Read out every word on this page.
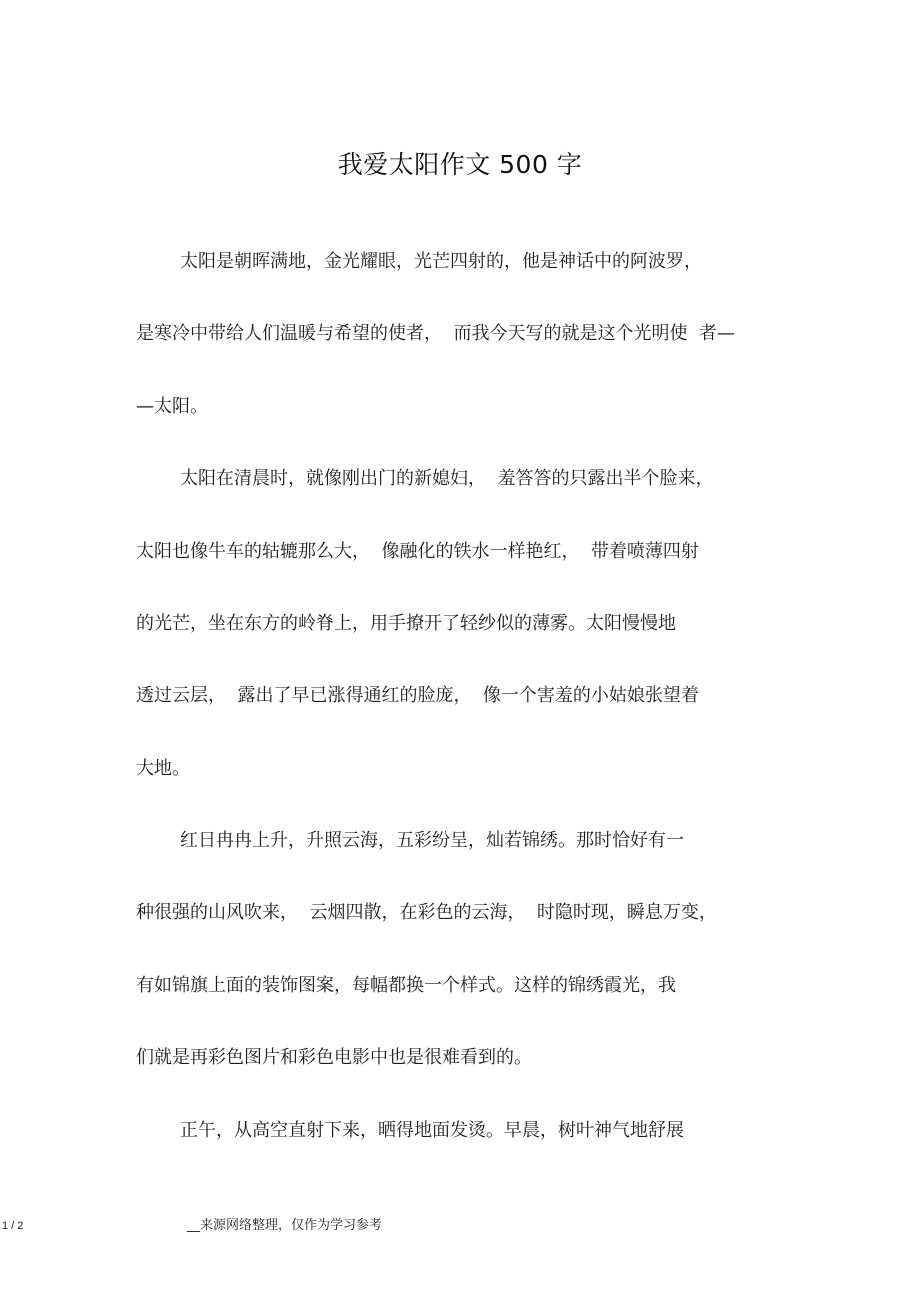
我爱太阳作文 500 字
太阳是朝晖满地，金光耀眼，光芒四射的，他是神话中的阿波罗，
是寒冷中带给人们温暖与希望的使者，  而我今天写的就是这个光明使  者—
—太阳。
太阳在清晨时，就像刚出门的新媳妇，  羞答答的只露出半个脸来，
太阳也像牛车的轱辘那么大，  像融化的铁水一样艳红，  带着喷薄四射
的光芒，坐在东方的岭脊上，用手撩开了轻纱似的薄雾。太阳慢慢地
透过云层，  露出了早已涨得通红的脸庞，  像一个害羞的小姑娘张望着
大地。
红日冉冉上升，升照云海，五彩纷呈，灿若锦绣。那时恰好有一
种很强的山风吹来，  云烟四散，在彩色的云海，  时隐时现，瞬息万变，
有如锦旗上面的装饰图案，每幅都换一个样式。这样的锦绣霞光，我
们就是再彩色图片和彩色电影中也是很难看到的。
正午，从高空直射下来，晒得地面发烫。早晨，树叶神气地舒展
1 / 2	__来源网络整理，仅作为学习参考
